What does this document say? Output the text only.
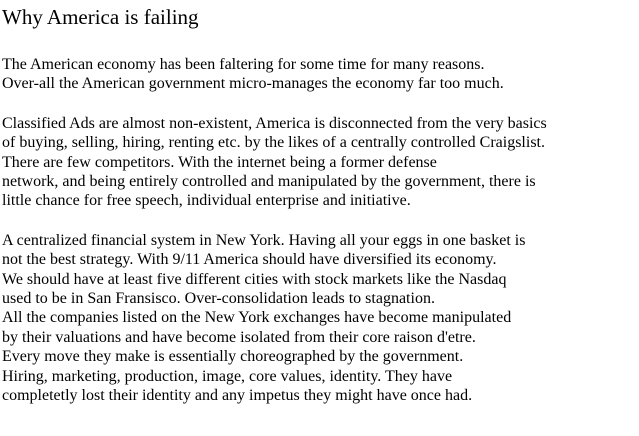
Why America is failing

The American economy has been faltering for some time for many reasons.
Over-all the American government micro-manages the economy far too much.

Classified Ads are almost non-existent, America is disconnected from the very basics
of buying, selling, hiring, renting etc. by the likes of a centrally controlled Craigslist.
There are few competitors. With the internet being a former defense
network, and being entirely controlled and manipulated by the government, there is
little chance for free speech, individual enterprise and initiative.

A centralized financial system in New York. Having all your eggs in one basket is
not the best strategy. With 9/11 America should have diversified its economy.
We should have at least five different cities with stock markets like the Nasdaq
used to be in San Fransisco. Over-consolidation leads to stagnation.
All the companies listed on the New York exchanges have become manipulated
by their valuations and have become isolated from their core raison d'etre.
Every move they make is essentially choreographed by the government.
Hiring, marketing, production, image, core values, identity. They have
completetly lost their identity and any impetus they might have once had.
